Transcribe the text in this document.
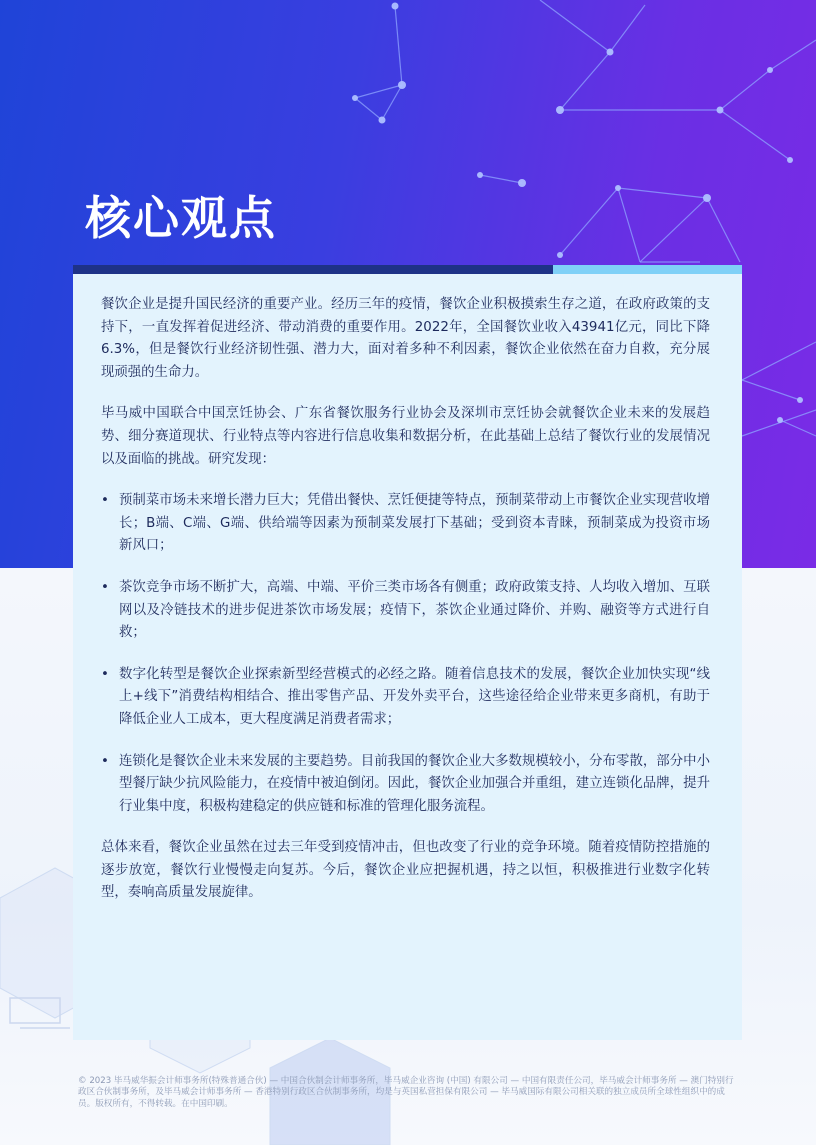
核心观点

餐饮企业是提升国民经济的重要产业。经历三年的疫情，餐饮企业积极摸索生存之道，在政府政策的支持下，一直发挥着促进经济、带动消费的重要作用。2022年，全国餐饮业收入43941亿元，同比下降6.3%，但是餐饮行业经济韧性强、潜力大，面对着多种不利因素，餐饮企业依然在奋力自救，充分展现顽强的生命力。

毕马威中国联合中国烹饪协会、广东省餐饮服务行业协会及深圳市烹饪协会就餐饮企业未来的发展趋势、细分赛道现状、行业特点等内容进行信息收集和数据分析，在此基础上总结了餐饮行业的发展情况以及面临的挑战。研究发现：

• 预制菜市场未来增长潜力巨大；凭借出餐快、烹饪便捷等特点，预制菜带动上市餐饮企业实现营收增长；B端、C端、G端、供给端等因素为预制菜发展打下基础；受到资本青睐，预制菜成为投资市场新风口；
• 茶饮竞争市场不断扩大，高端、中端、平价三类市场各有侧重；政府政策支持、人均收入增加、互联网以及冷链技术的进步促进茶饮市场发展；疫情下，茶饮企业通过降价、并购、融资等方式进行自救；
• 数字化转型是餐饮企业探索新型经营模式的必经之路。随着信息技术的发展，餐饮企业加快实现“线上+线下”消费结构相结合、推出零售产品、开发外卖平台，这些途径给企业带来更多商机，有助于降低企业人工成本，更大程度满足消费者需求；
• 连锁化是餐饮企业未来发展的主要趋势。目前我国的餐饮企业大多数规模较小，分布零散，部分中小型餐厅缺少抗风险能力，在疫情中被迫倒闭。因此，餐饮企业加强合并重组，建立连锁化品牌，提升行业集中度，积极构建稳定的供应链和标准的管理化服务流程。

总体来看，餐饮企业虽然在过去三年受到疫情冲击，但也改变了行业的竞争环境。随着疫情防控措施的逐步放宽，餐饮行业慢慢走向复苏。今后，餐饮企业应把握机遇，持之以恒，积极推进行业数字化转型，奏响高质量发展旋律。

© 2023 毕马威华振会计师事务所(特殊普通合伙) — 中国合伙制会计师事务所，毕马威企业咨询 (中国) 有限公司 — 中国有限责任公司，毕马威会计师事务所 — 澳门特别行政区合伙制事务所，及毕马威会计师事务所 — 香港特别行政区合伙制事务所，均是与英国私营担保有限公司 — 毕马威国际有限公司相关联的独立成员所全球性组织中的成员。版权所有，不得转载。在中国印刷。
